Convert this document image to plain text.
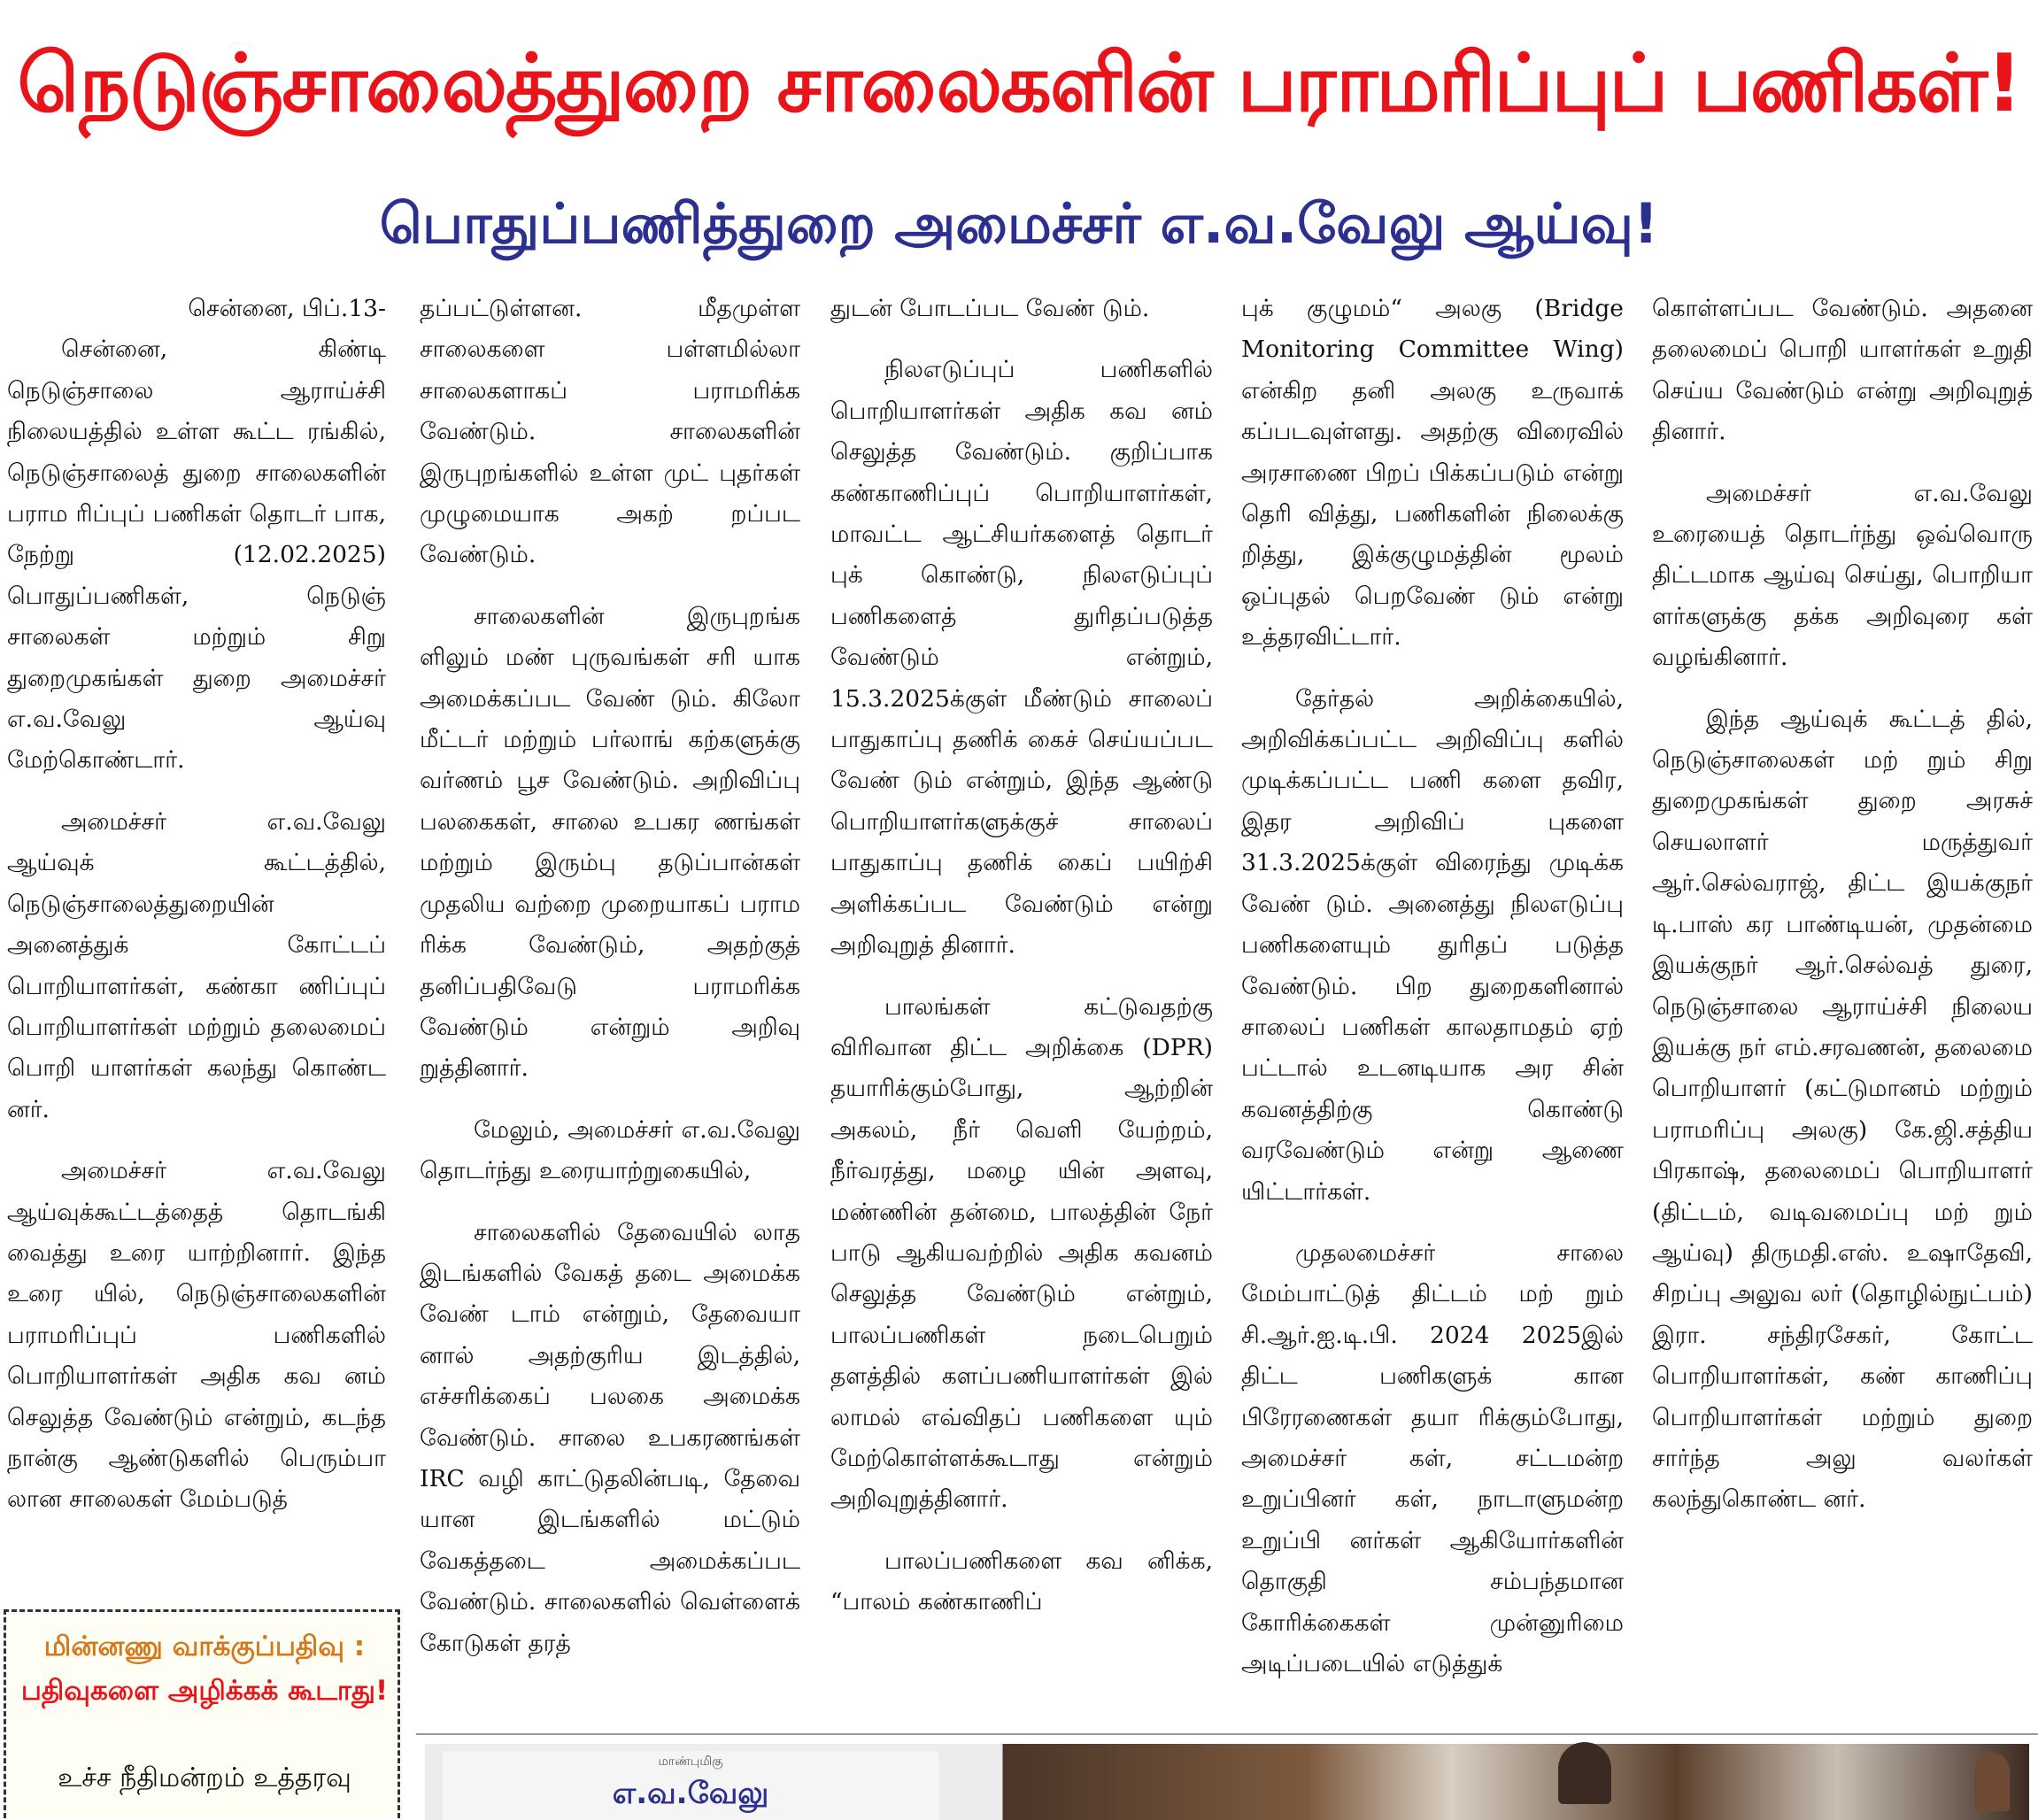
நெடுஞ்சாலைத்துறை சாலைகளின் பராமரிப்புப் பணிகள்!
பொதுப்பணித்துறை அமைச்சர் எ.வ.வேலு ஆய்வு!

சென்னை, பிப்.13-

சென்னை, கிண்டி நெடுஞ்சாலை ஆராய்ச்சி நிலையத்தில் உள்ள கூட்ட ரங்கில், நெடுஞ்சாலைத் துறை சாலைகளின் பராம ரிப்புப் பணிகள் தொடர் பாக, நேற்று (12.02.2025) பொதுப்பணிகள், நெடுஞ் சாலைகள் மற்றும் சிறு துறைமுகங்கள் துறை அமைச்சர் எ.வ.வேலு ஆய்வு மேற்கொண்டார்.

அமைச்சர் எ.வ.வேலு ஆய்வுக் கூட்டத்தில், நெடுஞ்சாலைத்துறையின் அனைத்துக் கோட்டப் பொறியாளர்கள், கண்கா ணிப்புப் பொறியாளர்கள் மற்றும் தலைமைப் பொறி யாளர்கள் கலந்து கொண்ட னர்.

அமைச்சர் எ.வ.வேலு ஆய்வுக்கூட்டத்தைத் தொடங்கி வைத்து உரை யாற்றினார். இந்த உரை யில், நெடுஞ்சாலைகளின் பராமரிப்புப் பணிகளில் பொறியாளர்கள் அதிக கவ னம் செலுத்த வேண்டும் என்றும், கடந்த நான்கு ஆண்டுகளில் பெரும்பா லான சாலைகள் மேம்படுத்

தப்பட்டுள்ளன. மீதமுள்ள சாலைகளை பள்ளமில்லா சாலைகளாகப் பராமரிக்க வேண்டும். சாலைகளின் இருபுறங்களில் உள்ள முட் புதர்கள் முழுமையாக அகற் றப்பட வேண்டும்.

சாலைகளின் இருபுறங்க ளிலும் மண் புருவங்கள் சரி யாக அமைக்கப்பட வேண் டும். கிலோ மீட்டர் மற்றும் பர்லாங் கற்களுக்கு வர்ணம் பூச வேண்டும். அறிவிப்பு பலகைகள், சாலை உபகர ணங்கள் மற்றும் இரும்பு தடுப்பான்கள் முதலிய வற்றை முறையாகப் பராம ரிக்க வேண்டும், அதற்குத் தனிப்பதிவேடு பராமரிக்க வேண்டும் என்றும் அறிவு றுத்தினார்.

மேலும், அமைச்சர் எ.வ.வேலு தொடர்ந்து உரையாற்றுகையில்,

சாலைகளில் தேவையில் லாத இடங்களில் வேகத் தடை அமைக்க வேண் டாம் என்றும், தேவையா னால் அதற்குரிய இடத்தில், எச்சரிக்கைப் பலகை அமைக்க வேண்டும். சாலை உபகரணங்கள் IRC வழி காட்டுதலின்படி, தேவை யான இடங்களில் மட்டும் வேகத்தடை அமைக்கப்பட வேண்டும். சாலைகளில் வெள்ளைக் கோடுகள் தரத்

துடன் போடப்பட வேண் டும்.

நிலஎடுப்புப் பணிகளில் பொறியாளர்கள் அதிக கவ னம் செலுத்த வேண்டும். குறிப்பாக கண்காணிப்புப் பொறியாளர்கள், மாவட்ட ஆட்சியர்களைத் தொடர் புக் கொண்டு, நிலஎடுப்புப் பணிகளைத் துரிதப்படுத்த வேண்டும் என்றும், 15.3.2025க்குள் மீண்டும் சாலைப் பாதுகாப்பு தணிக் கைச் செய்யப்பட வேண் டும் என்றும், இந்த ஆண்டு பொறியாளர்களுக்குச் சாலைப் பாதுகாப்பு தணிக் கைப் பயிற்சி அளிக்கப்பட வேண்டும் என்று அறிவுறுத் தினார்.

பாலங்கள் கட்டுவதற்கு விரிவான திட்ட அறிக்கை (DPR) தயாரிக்கும்போது, ஆற்றின் அகலம், நீர் வெளி யேற்றம், நீர்வரத்து, மழை யின் அளவு, மண்ணின் தன்மை, பாலத்தின் நேர் பாடு ஆகியவற்றில் அதிக கவனம் செலுத்த வேண்டும் என்றும், பாலப்பணிகள் நடைபெறும் தளத்தில் களப்பணியாளர்கள் இல் லாமல் எவ்விதப் பணிகளை யும் மேற்கொள்ளக்கூடாது என்றும் அறிவுறுத்தினார்.

பாலப்பணிகளை கவ னிக்க, “பாலம் கண்காணிப்

புக் குழுமம்“ அலகு (Bridge Monitoring Committee Wing) என்கிற தனி அலகு உருவாக் கப்படவுள்ளது. அதற்கு விரைவில் அரசாணை பிறப் பிக்கப்படும் என்று தெரி வித்து, பணிகளின் நிலைக்கு றித்து, இக்குழுமத்தின் மூலம் ஒப்புதல் பெறவேண் டும் என்று உத்தரவிட்டார்.

தேர்தல் அறிக்கையில், அறிவிக்கப்பட்ட அறிவிப்பு களில் முடிக்கப்பட்ட பணி களை தவிர, இதர அறிவிப் புகளை 31.3.2025க்குள் விரைந்து முடிக்க வேண் டும். அனைத்து நிலஎடுப்பு பணிகளையும் துரிதப் படுத்த வேண்டும். பிற துறைகளினால் சாலைப் பணிகள் காலதாமதம் ஏற் பட்டால் உடனடியாக அர சின் கவனத்திற்கு கொண்டு வரவேண்டும் என்று ஆணை யிட்டார்கள்.

முதலமைச்சர் சாலை மேம்பாட்டுத் திட்டம் மற் றும் சி.ஆர்.ஐ.டி.பி. 2024 2025இல் திட்ட பணிகளுக் கான பிரேரணைகள் தயா ரிக்கும்போது, அமைச்சர் கள், சட்டமன்ற உறுப்பினர் கள், நாடாளுமன்ற உறுப்பி னர்கள் ஆகியோர்களின் தொகுதி சம்பந்தமான கோரிக்கைகள் முன்னுரிமை அடிப்படையில் எடுத்துக்

கொள்ளப்பட வேண்டும். அதனை தலைமைப் பொறி யாளர்கள் உறுதி செய்ய வேண்டும் என்று அறிவுறுத் தினார்.

அமைச்சர் எ.வ.வேலு உரையைத் தொடர்ந்து ஒவ்வொரு திட்டமாக ஆய்வு செய்து, பொறியா ளர்களுக்கு தக்க அறிவுரை கள் வழங்கினார்.

இந்த ஆய்வுக் கூட்டத் தில், நெடுஞ்சாலைகள் மற் றும் சிறு துறைமுகங்கள் துறை அரசுச் செயலாளர் மருத்துவர் ஆர்.செல்வராஜ், திட்ட இயக்குநர் டி.பாஸ் கர பாண்டியன், முதன்மை இயக்குநர் ஆர்.செல்வத் துரை, நெடுஞ்சாலை ஆராய்ச்சி நிலைய இயக்கு நர் எம்.சரவணன், தலைமை பொறியாளர் (கட்டுமானம் மற்றும் பராமரிப்பு அலகு) கே.ஜி.சத்திய பிரகாஷ், தலைமைப் பொறியாளர் (திட்டம், வடிவமைப்பு மற் றும் ஆய்வு) திருமதி.எஸ். உஷாதேவி, சிறப்பு அலுவ லர் (தொழில்நுட்பம்) இரா. சந்திரசேகர், கோட்ட பொறியாளர்கள், கண் காணிப்பு பொறியாளர்கள் மற்றும் துறை சார்ந்த அலு வலர்கள் கலந்துகொண்ட னர்.

மின்னணு வாக்குப்பதிவு :
பதிவுகளை அழிக்கக் கூடாது!
உச்ச நீதிமன்றம் உத்தரவு
மாண்புமிகு
எ.வ.வேலு
